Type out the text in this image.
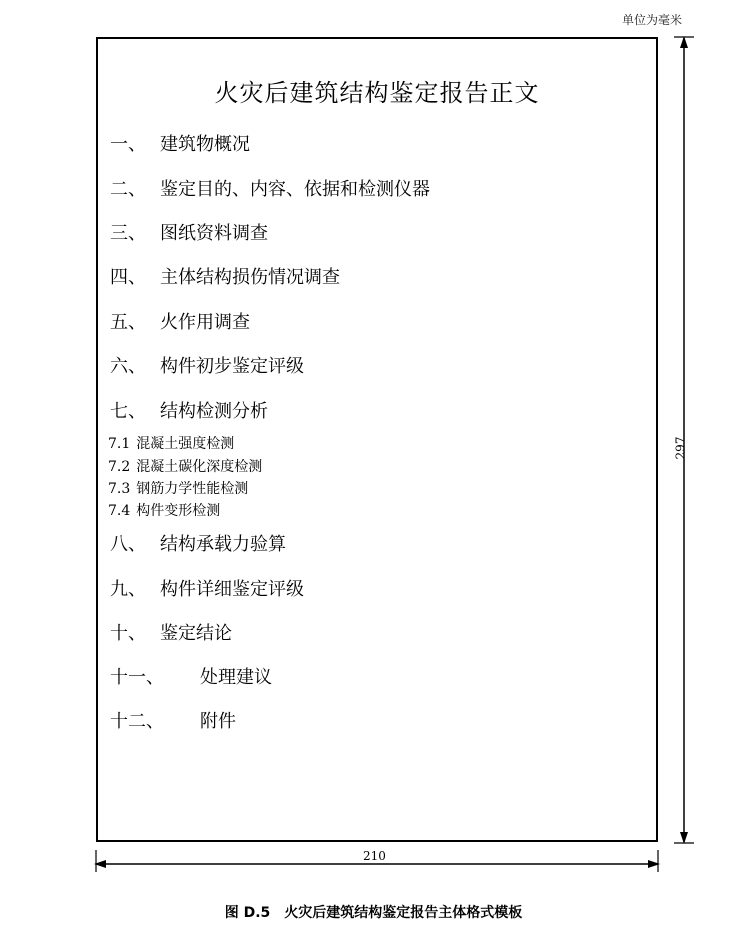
单位为毫米
火灾后建筑结构鉴定报告正文
一、 建筑物概况
二、 鉴定目的、内容、依据和检测仪器
三、 图纸资料调查
四、 主体结构损伤情况调查
五、 火作用调查
六、 构件初步鉴定评级
七、 结构检测分析
7.1 混凝土强度检测
7.2 混凝土碳化深度检测
7.3 钢筋力学性能检测
7.4 构件变形检测
八、 结构承载力验算
九、 构件详细鉴定评级
十、 鉴定结论
十一、 处理建议
十二、 附件
297
210
图 D.5 火灾后建筑结构鉴定报告主体格式模板
